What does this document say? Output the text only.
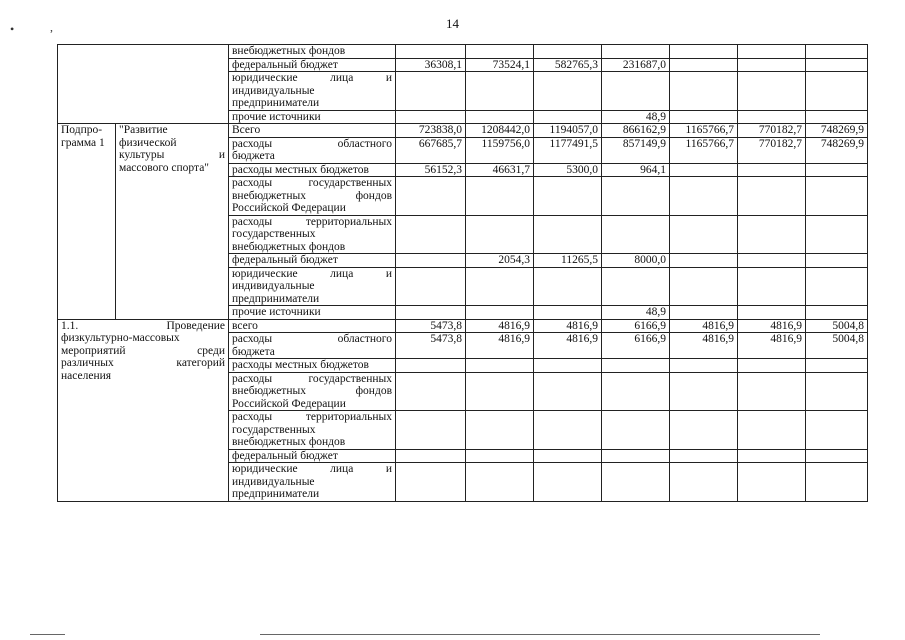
14
•	,
		внебюджетных фондов							
		федеральный бюджет	36308,1	73524,1	582765,3	231687,0			

		юридические лица и
индивидуальные
предприниматели							

		прочие источники				48,9			

Подпро-
грамма 1	"Развитие
физической
культуры и
массового спорта"	Всего	723838,0	1208442,0	1194057,0	866162,9	1165766,7	770182,7	748269,9

		расходы областного
бюджета	667685,7	1159756,0	1177491,5	857149,9	1165766,7	770182,7	748269,9
		расходы местных бюджетов	56152,3	46631,7	5300,0	964,1			

		расходы государственных
внебюджетных фондов
Российской Федерации							

		расходы территориальных
государственных
внебюджетных фондов							

		федеральный бюджет		2054,3	11265,5	8000,0			

		юридические лица и
индивидуальные
предприниматели							

		прочие источники				48,9			

1.1. Проведение
физкультурно-массовых
мероприятий среди
различных категорий
населения		всего	5473,8	4816,9	4816,9	6166,9	4816,9	4816,9	5004,8

		расходы областного
бюджета	5473,8	4816,9	4816,9	6166,9	4816,9	4816,9	5004,8
		расходы местных бюджетов							

		расходы государственных
внебюджетных фондов
Российской Федерации							

		расходы территориальных
государственных
внебюджетных фондов							

		федеральный бюджет							

		юридические лица и
индивидуальные
предприниматели							
